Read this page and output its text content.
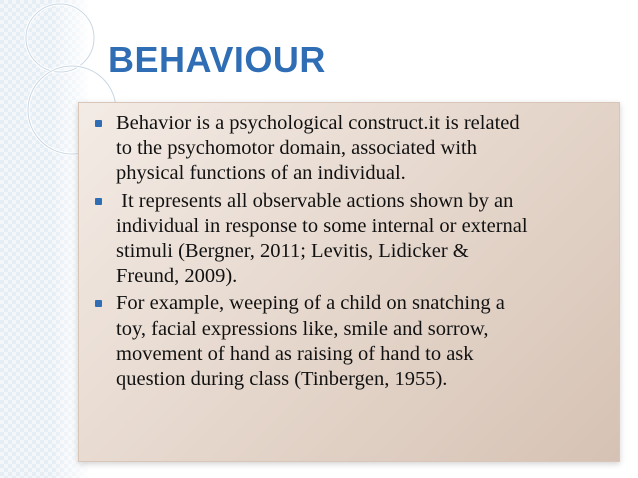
BEHAVIOUR
Behavior is a psychological construct.it is related
to the psychomotor domain, associated with
physical functions of an individual.
It represents all observable actions shown by an
individual in response to some internal or external
stimuli (Bergner, 2011; Levitis, Lidicker &
Freund, 2009).
For example, weeping of a child on snatching a
toy, facial expressions like, smile and sorrow,
movement of hand as raising of hand to ask
question during class (Tinbergen, 1955).
